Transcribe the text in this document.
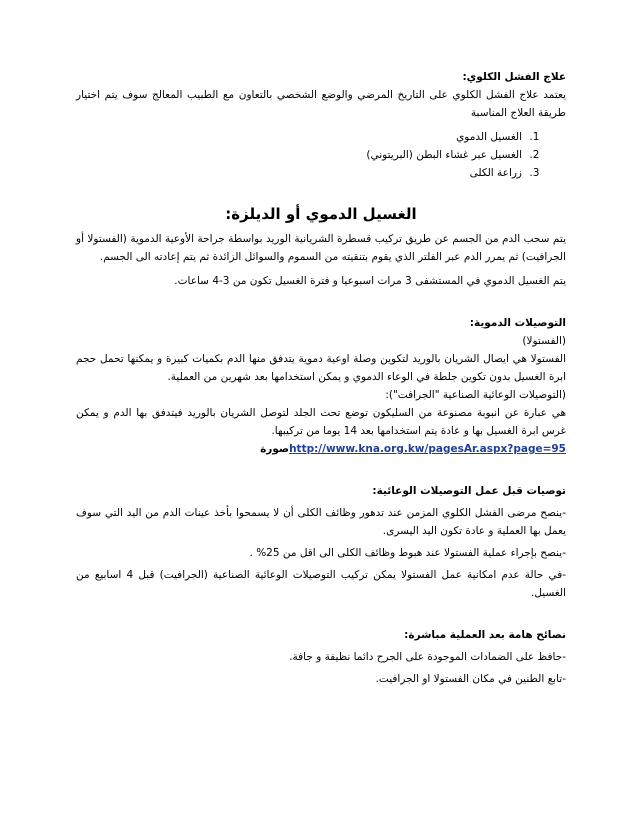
علاج الفشل الكلوي:

يعتمد علاج الفشل الكلوي على التاريخ المرضي والوضع الشخصي بالتعاون مع الطبيب المعالج سوف يتم اختيار طريقة العلاج المناسبة

1. الغسيل الدموي
2. الغسيل عبر غشاء البطن (البريتوني)
3. زراعة الكلى

الغسيل الدموي أو الديلزة:

يتم سحب الدم من الجسم عن طريق تركيب قسطرة الشريانية الوريد بواسطة جراحة الأوعية الدموية (الفستولا أو الجرافيت) ثم يمرر الدم عبر الفلتر الذي يقوم بتنقيته من السموم والسوائل الزائدة ثم يتم إعادته الى الجسم.

يتم الغسيل الدموي في المستشفى 3 مرات اسبوعيا و فترة الغسيل تكون من 3-4 ساعات.

التوصيلات الدموية:

(الفستولا)

الفستولا هي ايصال الشريان بالوريد لتكوين وصلة اوعية دموية يتدفق منها الدم بكميات كبيرة و يمكنها تحمل حجم ابرة الغسيل بدون تكوين جلطة في الوعاء الدموي و يمكن استخدامها بعد شهرين من العملية.

(التوصيلات الوعائية الصناعية "الجرافت"):

هي عبارة عن انبوبة مصنوعة من السليكون توضع تحت الجلد لتوصل الشريان بالوريد فيتدفق بها الدم و يمكن غرس ابرة الغسيل بها و عادة يتم استخدامها بعد 14 يوما من تركيبها.

http://www.kna.org.kw/pagesAr.aspx?page=95صورة

توصيات قبل عمل التوصيلات الوعائية:

-ينصح مرضى الفشل الكلوي المزمن عند تدهور وظائف الكلى أن لا يسمحوا بأخذ عينات الدم من اليد التي سوف يعمل بها العملية و عادة تكون اليد اليسرى.

-ينصح بإجراء عملية الفستولا عند هبوط وظائف الكلى الى اقل من 25% .

-في حالة عدم امكانية عمل الفستولا يمكن تركيب التوصيلات الوعائية الصناعية (الجرافيت) قبل 4 اسابيع من الغسيل.

نصائح هامة بعد العملية مباشرة:

-حافظ على الضمادات الموجودة على الجرح دائما نظيفة و جافة.

-تابع الطنين في مكان الفستولا او الجرافيت.
